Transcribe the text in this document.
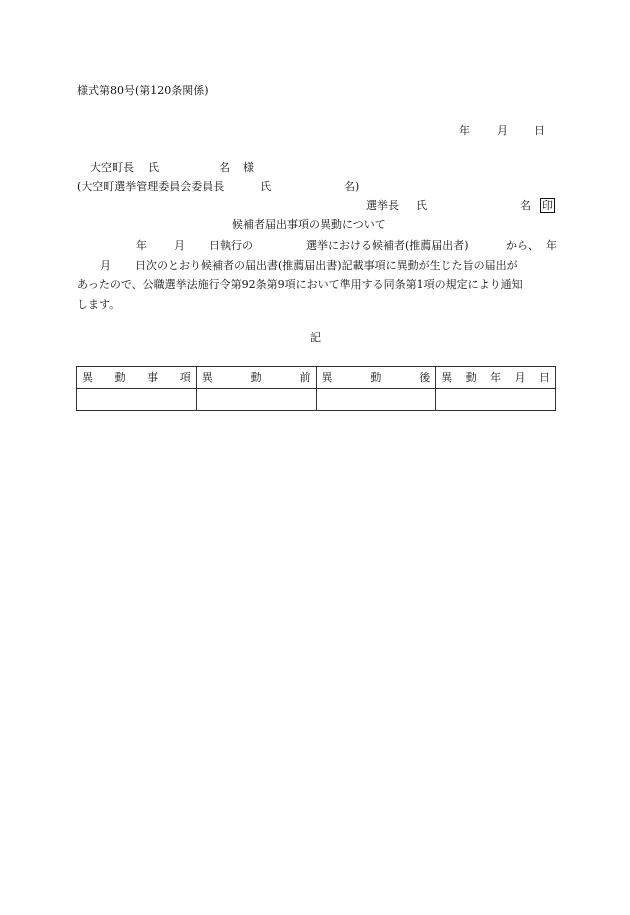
様式第80号(第120条関係)
年 月 日
大空町長 氏	名 様
(大空町選挙管理委員会委員長	氏	名)
選挙長 氏	名 印
候補者届出事項の異動について
年 月 日執行の	選挙における候補者(推薦届出者)	から、 年
月 日次のとおり候補者の届出書(推薦届出書)記載事項に異動が生じた旨の届出が
あったので、公職選挙法施行令第92条第9項において準用する同条第1項の規定により通知
します。
記
異 動 事 項	異 動 前	異 動 後	異 動 年 月 日
